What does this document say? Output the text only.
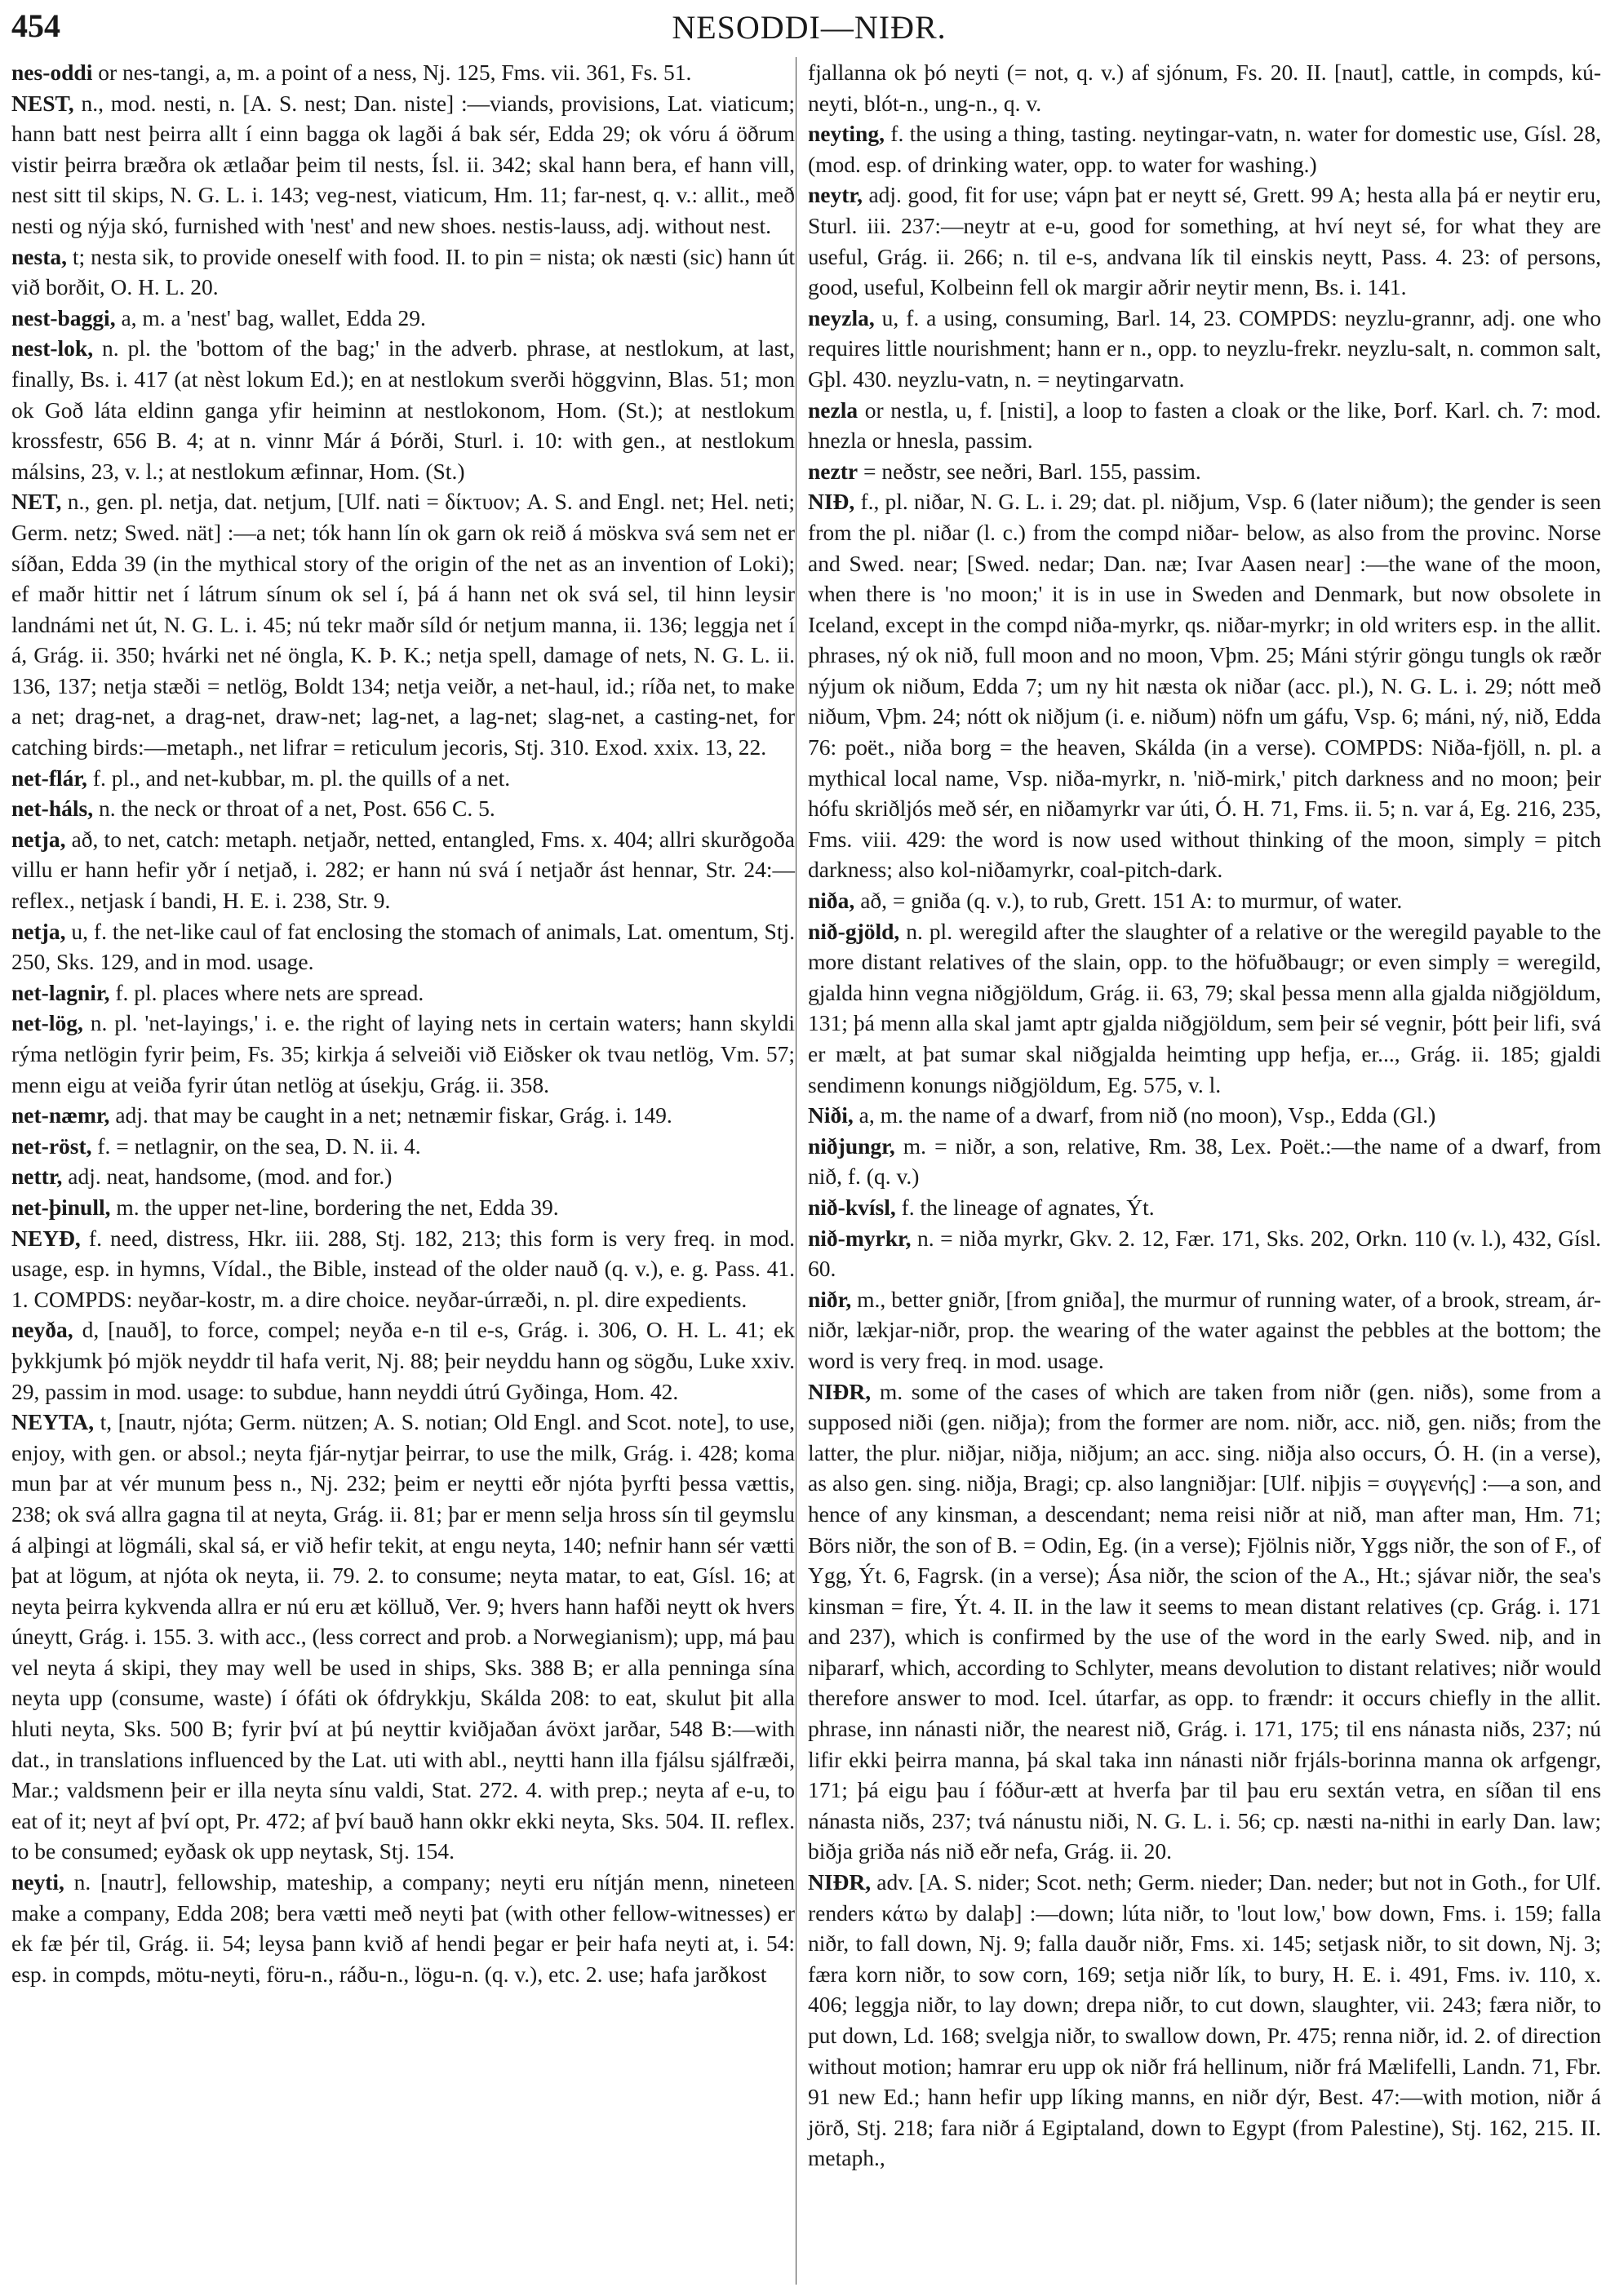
454	NESODDI—NIÐR.

nes-oddi or nes-tangi, a, m. a point of a ness, Nj. 125, Fms. vii. 361, Fs. 51.

NEST, n., mod. nesti, n. [A. S. nest; Dan. niste] :—viands, provisions, Lat. viaticum; hann batt nest þeirra allt í einn bagga ok lagði á bak sér, Edda 29; ok vóru á öðrum vistir þeirra bræðra ok ætlaðar þeim til nests, Ísl. ii. 342; skal hann bera, ef hann vill, nest sitt til skips, N. G. L. i. 143; veg-nest, viaticum, Hm. 11; far-nest, q. v.: allit., með nesti og nýja skó, furnished with 'nest' and new shoes. nestis-lauss, adj. without nest.

nesta, t; nesta sik, to provide oneself with food. II. to pin = nista; ok næsti (sic) hann út við borðit, O. H. L. 20.

nest-baggi, a, m. a 'nest' bag, wallet, Edda 29.

nest-lok, n. pl. the 'bottom of the bag;' in the adverb. phrase, at nestlokum, at last, finally, Bs. i. 417 (at nèst lokum Ed.); en at nestlokum sverði höggvinn, Blas. 51; mon ok Goð láta eldinn ganga yfir heiminn at nestlokonom, Hom. (St.); at nestlokum krossfestr, 656 B. 4; at n. vinnr Már á Þórði, Sturl. i. 10: with gen., at nestlokum málsins, 23, v. l.; at nestlokum æfinnar, Hom. (St.)

NET, n., gen. pl. netja, dat. netjum, [Ulf. nati = δίκτυον; A. S. and Engl. net; Hel. neti; Germ. netz; Swed. nät] :—a net; tók hann lín ok garn ok reið á möskva svá sem net er síðan, Edda 39 (in the mythical story of the origin of the net as an invention of Loki); ef maðr hittir net í látrum sínum ok sel í, þá á hann net ok svá sel, til hinn leysir landnámi net út, N. G. L. i. 45; nú tekr maðr síld ór netjum manna, ii. 136; leggja net í á, Grág. ii. 350; hvárki net né öngla, K. Þ. K.; netja spell, damage of nets, N. G. L. ii. 136, 137; netja stæði = netlög, Boldt 134; netja veiðr, a net-haul, id.; ríða net, to make a net; drag-net, a drag-net, draw-net; lag-net, a lag-net; slag-net, a casting-net, for catching birds:—metaph., net lifrar = reticulum jecoris, Stj. 310. Exod. xxix. 13, 22.

net-flár, f. pl., and net-kubbar, m. pl. the quills of a net.

net-háls, n. the neck or throat of a net, Post. 656 C. 5.

netja, að, to net, catch: metaph. netjaðr, netted, entangled, Fms. x. 404; allri skurðgoða villu er hann hefir yðr í netjað, i. 282; er hann nú svá í netjaðr ást hennar, Str. 24:—reflex., netjask í bandi, H. E. i. 238, Str. 9.

netja, u, f. the net-like caul of fat enclosing the stomach of animals, Lat. omentum, Stj. 250, Sks. 129, and in mod. usage.

net-lagnir, f. pl. places where nets are spread.

net-lög, n. pl. 'net-layings,' i. e. the right of laying nets in certain waters; hann skyldi rýma netlögin fyrir þeim, Fs. 35; kirkja á selveiði við Eiðsker ok tvau netlög, Vm. 57; menn eigu at veiða fyrir útan netlög at úsekju, Grág. ii. 358.

net-næmr, adj. that may be caught in a net; netnæmir fiskar, Grág. i. 149.

net-röst, f. = netlagnir, on the sea, D. N. ii. 4.

nettr, adj. neat, handsome, (mod. and for.)

net-þinull, m. the upper net-line, bordering the net, Edda 39.

NEYÐ, f. need, distress, Hkr. iii. 288, Stj. 182, 213; this form is very freq. in mod. usage, esp. in hymns, Vídal., the Bible, instead of the older nauð (q. v.), e. g. Pass. 41. 1. COMPDS: neyðar-kostr, m. a dire choice. neyðar-úrræði, n. pl. dire expedients.

neyða, d, [nauð], to force, compel; neyða e-n til e-s, Grág. i. 306, O. H. L. 41; ek þykkjumk þó mjök neyddr til hafa verit, Nj. 88; þeir neyddu hann og sögðu, Luke xxiv. 29, passim in mod. usage: to subdue, hann neyddi útrú Gyðinga, Hom. 42.

NEYTA, t, [nautr, njóta; Germ. nützen; A. S. notian; Old Engl. and Scot. note], to use, enjoy, with gen. or absol.; neyta fjár-nytjar þeirrar, to use the milk, Grág. i. 428; koma mun þar at vér munum þess n., Nj. 232; þeim er neytti eðr njóta þyrfti þessa vættis, 238; ok svá allra gagna til at neyta, Grág. ii. 81; þar er menn selja hross sín til geymslu á alþingi at lögmáli, skal sá, er við hefir tekit, at engu neyta, 140; nefnir hann sér vætti þat at lögum, at njóta ok neyta, ii. 79. 2. to consume; neyta matar, to eat, Gísl. 16; at neyta þeirra kykvenda allra er nú eru æt kölluð, Ver. 9; hvers hann hafði neytt ok hvers úneytt, Grág. i. 155. 3. with acc., (less correct and prob. a Norwegianism); upp, má þau vel neyta á skipi, they may well be used in ships, Sks. 388 B; er alla penninga sína neyta upp (consume, waste) í ófáti ok ófdrykkju, Skálda 208: to eat, skulut þit alla hluti neyta, Sks. 500 B; fyrir því at þú neyttir kviðjaðan ávöxt jarðar, 548 B:—with dat., in translations influenced by the Lat. uti with abl., neytti hann illa fjálsu sjálfræði, Mar.; valdsmenn þeir er illa neyta sínu valdi, Stat. 272. 4. with prep.; neyta af e-u, to eat of it; neyt af því opt, Pr. 472; af því bauð hann okkr ekki neyta, Sks. 504. II. reflex. to be consumed; eyðask ok upp neytask, Stj. 154.

neyti, n. [nautr], fellowship, mateship, a company; neyti eru nítján menn, nineteen make a company, Edda 208; bera vætti með neyti þat (with other fellow-witnesses) er ek fæ þér til, Grág. ii. 54; leysa þann kvið af hendi þegar er þeir hafa neyti at, i. 54: esp. in compds, mötu-neyti, föru-n., ráðu-n., lögu-n. (q. v.), etc. 2. use; hafa jarðkost

fjallanna ok þó neyti (= not, q. v.) af sjónum, Fs. 20. II. [naut], cattle, in compds, kú-neyti, blót-n., ung-n., q. v.

neyting, f. the using a thing, tasting. neytingar-vatn, n. water for domestic use, Gísl. 28, (mod. esp. of drinking water, opp. to water for washing.)

neytr, adj. good, fit for use; vápn þat er neytt sé, Grett. 99 A; hesta alla þá er neytir eru, Sturl. iii. 237:—neytr at e-u, good for something, at hví neyt sé, for what they are useful, Grág. ii. 266; n. til e-s, andvana lík til einskis neytt, Pass. 4. 23: of persons, good, useful, Kolbeinn fell ok margir aðrir neytir menn, Bs. i. 141.

neyzla, u, f. a using, consuming, Barl. 14, 23. COMPDS: neyzlu-grannr, adj. one who requires little nourishment; hann er n., opp. to neyzlu-frekr. neyzlu-salt, n. common salt, Gþl. 430. neyzlu-vatn, n. = neytingarvatn.

nezla or nestla, u, f. [nisti], a loop to fasten a cloak or the like, Þorf. Karl. ch. 7: mod. hnezla or hnesla, passim.

neztr = neðstr, see neðri, Barl. 155, passim.

NIÐ, f., pl. niðar, N. G. L. i. 29; dat. pl. niðjum, Vsp. 6 (later niðum); the gender is seen from the pl. niðar (l. c.) from the compd niðar- below, as also from the provinc. Norse and Swed. near; [Swed. nedar; Dan. næ; Ivar Aasen near] :—the wane of the moon, when there is 'no moon;' it is in use in Sweden and Denmark, but now obsolete in Iceland, except in the compd niða-myrkr, qs. niðar-myrkr; in old writers esp. in the allit. phrases, ný ok nið, full moon and no moon, Vþm. 25; Máni stýrir göngu tungls ok ræðr nýjum ok niðum, Edda 7; um ny hit næsta ok niðar (acc. pl.), N. G. L. i. 29; nótt með niðum, Vþm. 24; nótt ok niðjum (i. e. niðum) nöfn um gáfu, Vsp. 6; máni, ný, nið, Edda 76: poët., niða borg = the heaven, Skálda (in a verse). COMPDS: Niða-fjöll, n. pl. a mythical local name, Vsp. niða-myrkr, n. 'nið-mirk,' pitch darkness and no moon; þeir hófu skriðljós með sér, en niðamyrkr var úti, Ó. H. 71, Fms. ii. 5; n. var á, Eg. 216, 235, Fms. viii. 429: the word is now used without thinking of the moon, simply = pitch darkness; also kol-niðamyrkr, coal-pitch-dark.

niða, að, = gniða (q. v.), to rub, Grett. 151 A: to murmur, of water.

nið-gjöld, n. pl. weregild after the slaughter of a relative or the weregild payable to the more distant relatives of the slain, opp. to the höfuðbaugr; or even simply = weregild, gjalda hinn vegna niðgjöldum, Grág. ii. 63, 79; skal þessa menn alla gjalda niðgjöldum, 131; þá menn alla skal jamt aptr gjalda niðgjöldum, sem þeir sé vegnir, þótt þeir lifi, svá er mælt, at þat sumar skal niðgjalda heimting upp hefja, er..., Grág. ii. 185; gjaldi sendimenn konungs niðgjöldum, Eg. 575, v. l.

Niði, a, m. the name of a dwarf, from nið (no moon), Vsp., Edda (Gl.)

niðjungr, m. = niðr, a son, relative, Rm. 38, Lex. Poët.:—the name of a dwarf, from nið, f. (q. v.)

nið-kvísl, f. the lineage of agnates, Ýt.

nið-myrkr, n. = niða myrkr, Gkv. 2. 12, Fær. 171, Sks. 202, Orkn. 110 (v. l.), 432, Gísl. 60.

niðr, m., better gniðr, [from gniða], the murmur of running water, of a brook, stream, ár-niðr, lækjar-niðr, prop. the wearing of the water against the pebbles at the bottom; the word is very freq. in mod. usage.

NIÐR, m. some of the cases of which are taken from niðr (gen. niðs), some from a supposed niði (gen. niðja); from the former are nom. niðr, acc. nið, gen. niðs; from the latter, the plur. niðjar, niðja, niðjum; an acc. sing. niðja also occurs, Ó. H. (in a verse), as also gen. sing. niðja, Bragi; cp. also langniðjar: [Ulf. niþjis = συγγενής] :—a son, and hence of any kinsman, a descendant; nema reisi niðr at nið, man after man, Hm. 71; Börs niðr, the son of B. = Odin, Eg. (in a verse); Fjölnis niðr, Yggs niðr, the son of F., of Ygg, Ýt. 6, Fagrsk. (in a verse); Ása niðr, the scion of the A., Ht.; sjávar niðr, the sea's kinsman = fire, Ýt. 4. II. in the law it seems to mean distant relatives (cp. Grág. i. 171 and 237), which is confirmed by the use of the word in the early Swed. niþ, and in niþararf, which, according to Schlyter, means devolution to distant relatives; niðr would therefore answer to mod. Icel. útarfar, as opp. to frændr: it occurs chiefly in the allit. phrase, inn nánasti niðr, the nearest nið, Grág. i. 171, 175; til ens nánasta niðs, 237; nú lifir ekki þeirra manna, þá skal taka inn nánasti niðr frjáls-borinna manna ok arfgengr, 171; þá eigu þau í fóður-ætt at hverfa þar til þau eru sextán vetra, en síðan til ens nánasta niðs, 237; tvá nánustu niði, N. G. L. i. 56; cp. næsti na-nithi in early Dan. law; biðja griða nás nið eðr nefa, Grág. ii. 20.

NIÐR, adv. [A. S. nider; Scot. neth; Germ. nieder; Dan. neder; but not in Goth., for Ulf. renders κάτω by dalaþ] :—down; lúta niðr, to 'lout low,' bow down, Fms. i. 159; falla niðr, to fall down, Nj. 9; falla dauðr niðr, Fms. xi. 145; setjask niðr, to sit down, Nj. 3; færa korn niðr, to sow corn, 169; setja niðr lík, to bury, H. E. i. 491, Fms. iv. 110, x. 406; leggja niðr, to lay down; drepa niðr, to cut down, slaughter, vii. 243; færa niðr, to put down, Ld. 168; svelgja niðr, to swallow down, Pr. 475; renna niðr, id. 2. of direction without motion; hamrar eru upp ok niðr frá hellinum, niðr frá Mælifelli, Landn. 71, Fbr. 91 new Ed.; hann hefir upp líking manns, en niðr dýr, Best. 47:—with motion, niðr á jörð, Stj. 218; fara niðr á Egiptaland, down to Egypt (from Palestine), Stj. 162, 215. II. metaph.,
